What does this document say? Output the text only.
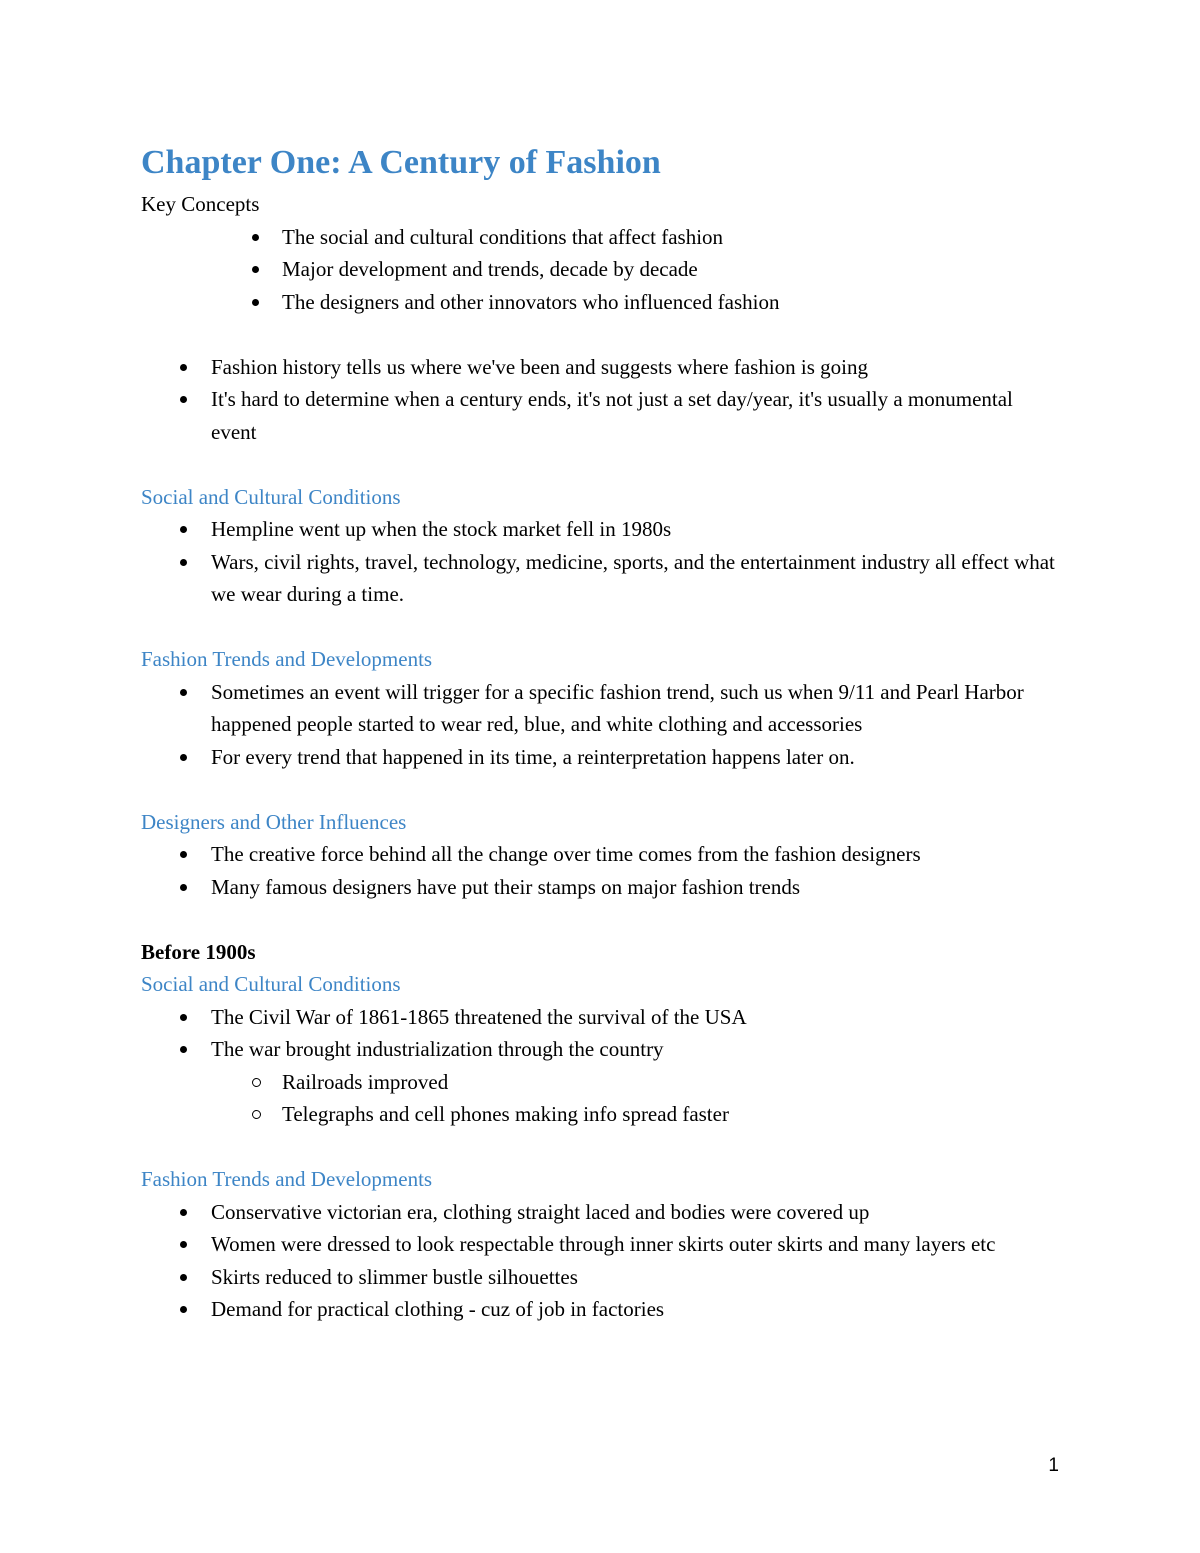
Chapter One: A Century of Fashion

Key Concepts

The social and cultural conditions that affect fashion
Major development and trends, decade by decade
The designers and other innovators who influenced fashion
Fashion history tells us where we've been and suggests where fashion is going
It's hard to determine when a century ends, it's not just a set day/year, it's usually a monumental event

Social and Cultural Conditions

Hempline went up when the stock market fell in 1980s
Wars, civil rights, travel, technology, medicine, sports, and the entertainment industry all effect what we wear during a time.

Fashion Trends and Developments

Sometimes an event will trigger for a specific fashion trend, such us when 9/11 and Pearl Harbor happened people started to wear red, blue, and white clothing and accessories
For every trend that happened in its time, a reinterpretation happens later on.

Designers and Other Influences

The creative force behind all the change over time comes from the fashion designers
Many famous designers have put their stamps on major fashion trends

Before 1900s

Social and Cultural Conditions

The Civil War of 1861-1865 threatened the survival of the USA
The war brought industrialization through the country
Railroads improved
Telegraphs and cell phones making info spread faster

Fashion Trends and Developments

Conservative victorian era, clothing straight laced and bodies were covered up
Women were dressed to look respectable through inner skirts outer skirts and many layers etc
Skirts reduced to slimmer bustle silhouettes
Demand for practical clothing - cuz of job in factories
1
